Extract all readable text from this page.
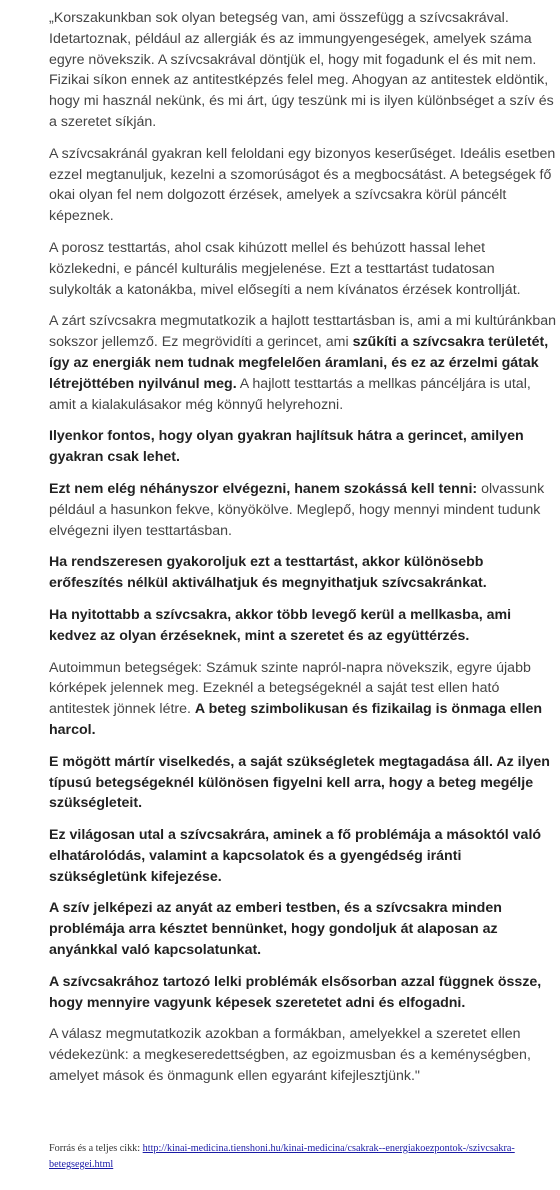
„Korszakunkban sok olyan betegség van, ami összefügg a szívcsakrával. Idetartoznak, például az allergiák és az immungyengeségek, amelyek száma egyre növekszik. A szívcsakrával döntjük el, hogy mit fogadunk el és mit nem. Fizikai síkon ennek az antitestképzés felel meg. Ahogyan az antitestek eldöntik, hogy mi használ nekünk, és mi árt, úgy teszünk mi is ilyen különbséget a szív és a szeretet síkján.

A szívcsakránál gyakran kell feloldani egy bizonyos keserűséget. Ideális esetben ezzel megtanuljuk, kezelni a szomorúságot és a megbocsátást. A betegségek fő okai olyan fel nem dolgozott érzések, amelyek a szívcsakra körül páncélt képeznek.

A porosz testtartás, ahol csak kihúzott mellel és behúzott hassal lehet közlekedni, e páncél kulturális megjelenése. Ezt a testtartást tudatosan sulykolták a katonákba, mivel elősegíti a nem kívánatos érzések kontrollját.

A zárt szívcsakra megmutatkozik a hajlott testtartásban is, ami a mi kultúránkban sokszor jellemző. Ez megrövidíti a gerincet, ami szűkíti a szívcsakra területét, így az energiák nem tudnak megfelelően áramlani, és ez az érzelmi gátak létrejöttében nyilvánul meg. A hajlott testtartás a mellkas páncéljára is utal, amit a kialakulásakor még könnyű helyrehozni.

Ilyenkor fontos, hogy olyan gyakran hajlítsuk hátra a gerincet, amilyen gyakran csak lehet.

Ezt nem elég néhányszor elvégezni, hanem szokássá kell tenni: olvassunk például a hasunkon fekve, könyökölve. Meglepő, hogy mennyi mindent tudunk elvégezni ilyen testtartásban.

Ha rendszeresen gyakoroljuk ezt a testtartást, akkor különösebb erőfeszítés nélkül aktiválhatjuk és megnyithatjuk szívcsakránkat.

Ha nyitottabb a szívcsakra, akkor több levegő kerül a mellkasba, ami kedvez az olyan érzéseknek, mint a szeretet és az együttérzés.

Autoimmun betegségek: Számuk szinte napról-napra növekszik, egyre újabb kórképek jelennek meg. Ezeknél a betegségeknél a saját test ellen ható antitestek jönnek létre. A beteg szimbolikusan és fizikailag is önmaga ellen harcol.

E mögött mártír viselkedés, a saját szükségletek megtagadása áll. Az ilyen típusú betegségeknél különösen figyelni kell arra, hogy a beteg megélje szükségleteit.

Ez világosan utal a szívcsakrára, aminek a fő problémája a másoktól való elhatárolódás, valamint a kapcsolatok és a gyengédség iránti szükségletünk kifejezése.

A szív jelképezi az anyát az emberi testben, és a szívcsakra minden problémája arra késztet bennünket, hogy gondoljuk át alaposan az anyánkkal való kapcsolatunkat.

A szívcsakrához tartozó lelki problémák elsősorban azzal függnek össze, hogy mennyire vagyunk képesek szeretetet adni és elfogadni.

A válasz megmutatkozik azokban a formákban, amelyekkel a szeretet ellen védekezünk: a megkeseredettségben, az egoizmusban és a keménységben, amelyet mások és önmagunk ellen egyaránt kifejlesztjünk."

Forrás és a teljes cikk: http://kinai-medicina.tienshoni.hu/kinai-medicina/csakrak--energiakoezpontok-/szivcsakra-betegsegei.html
